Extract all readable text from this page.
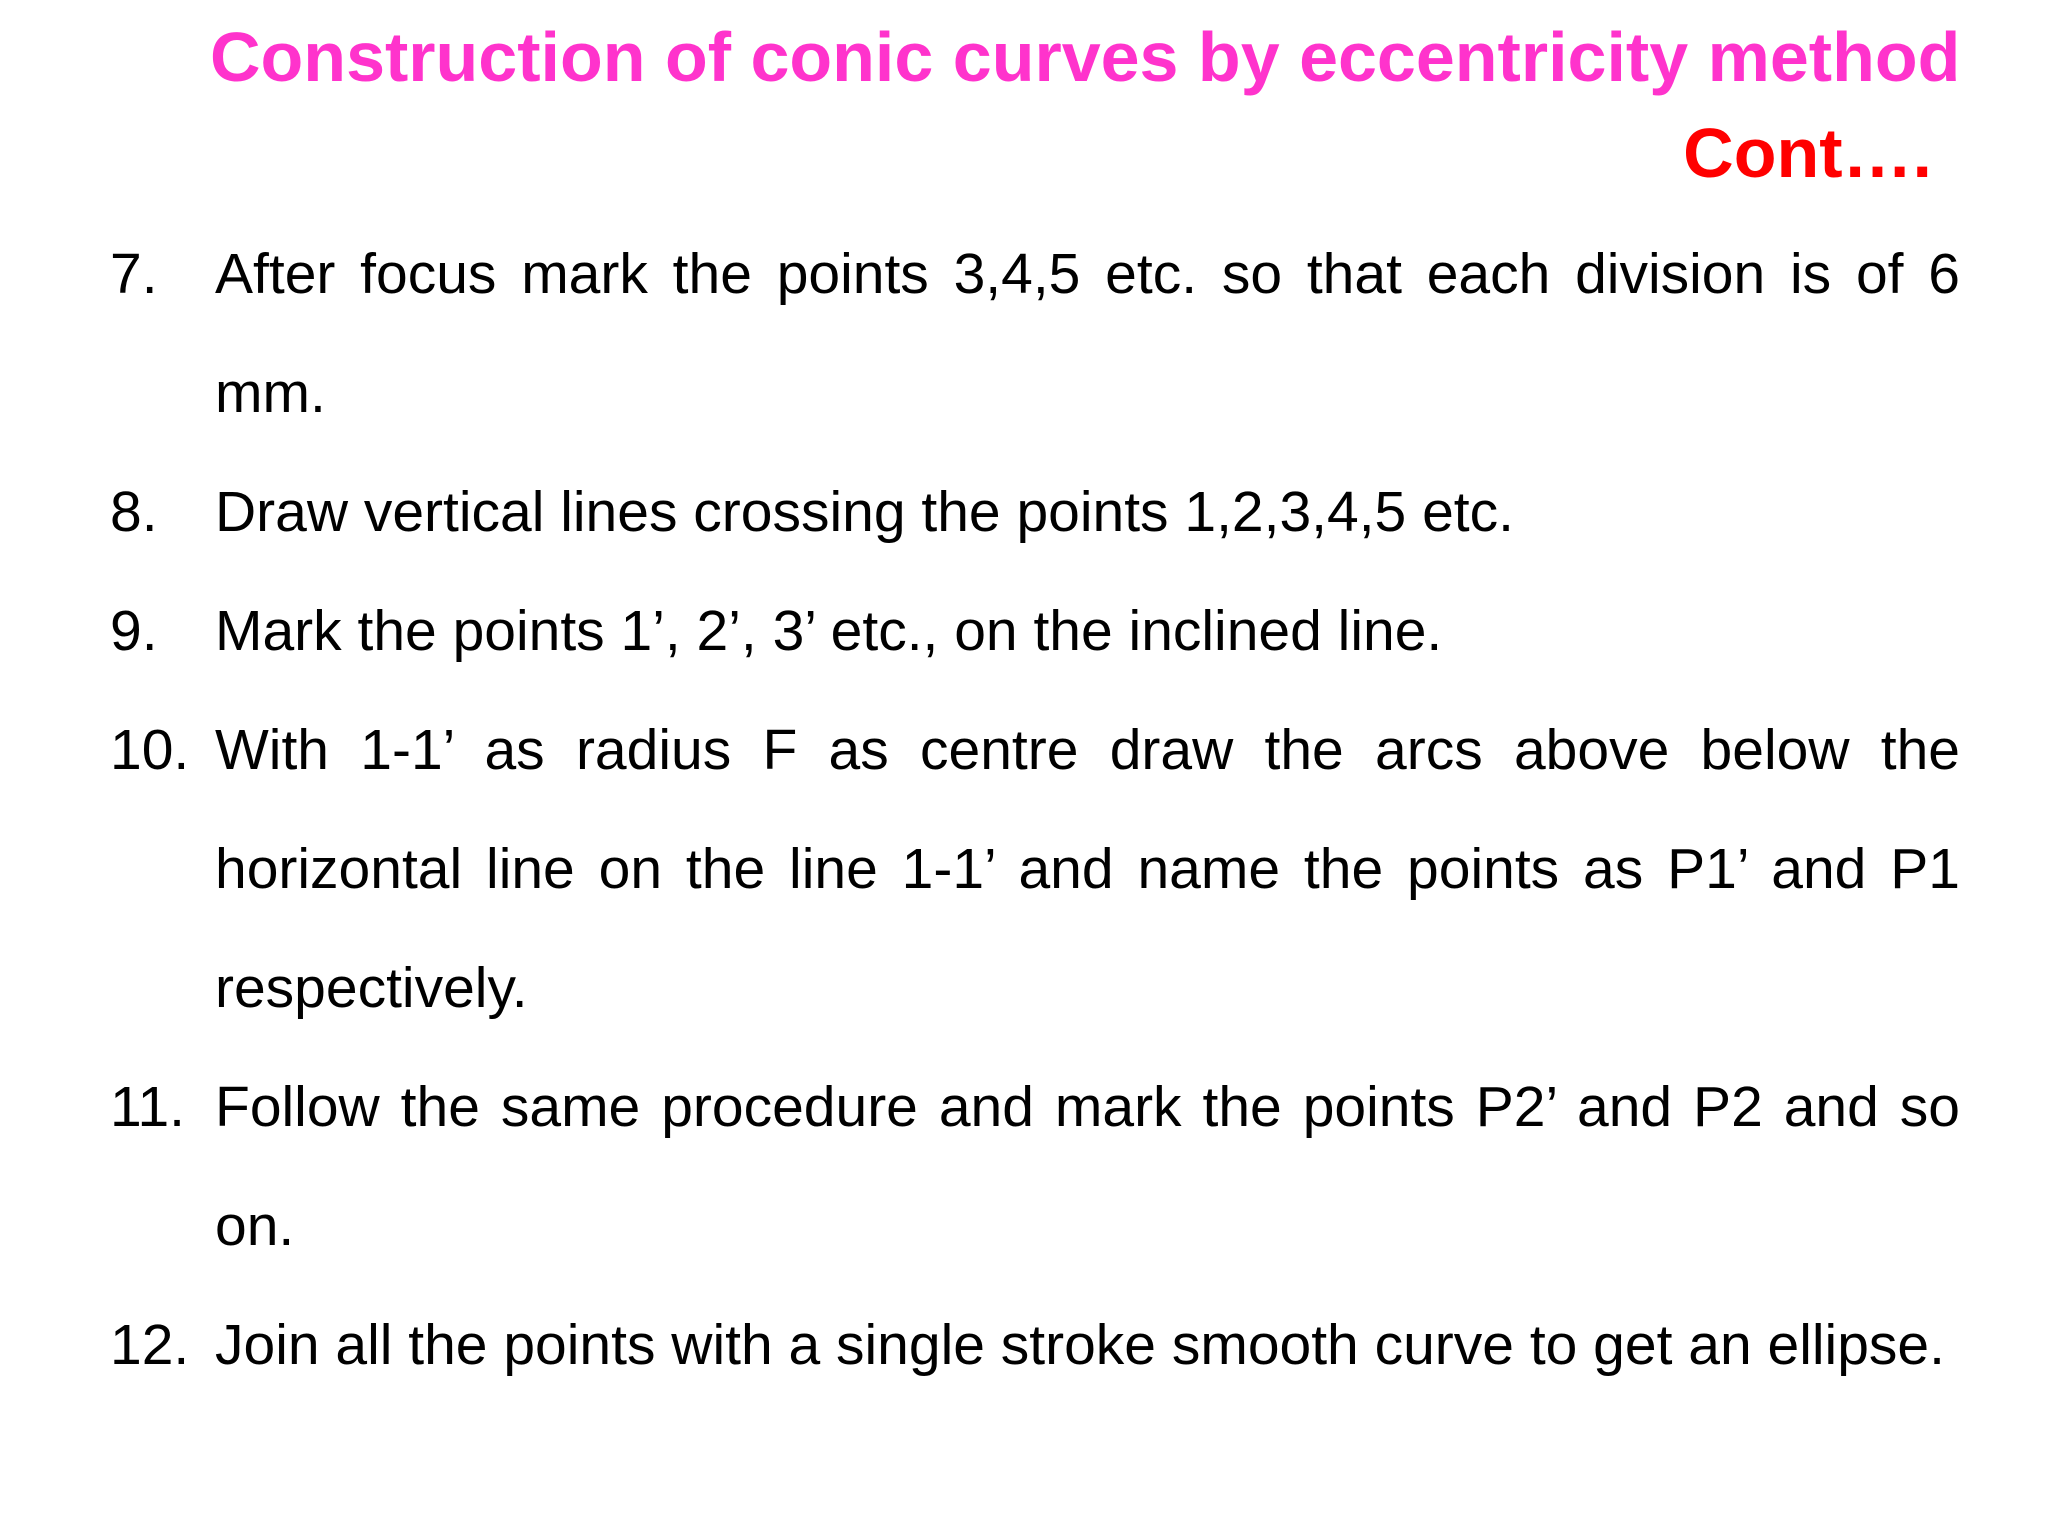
Construction of conic curves by eccentricity method
Cont….
7.	After focus mark the points 3,4,5 etc. so that each division is of 6 mm.
8.	Draw vertical lines crossing the points 1,2,3,4,5 etc.
9.	Mark the points 1’, 2’, 3’ etc., on the inclined line.
10. With 1-1’ as radius F as centre draw the arcs above below the horizontal line on the line 1-1’ and name the points as P1’ and P1 respectively.
11. Follow the same procedure and mark the points P2’ and P2 and so on.
12. Join all the points with a single stroke smooth curve to get an ellipse.
